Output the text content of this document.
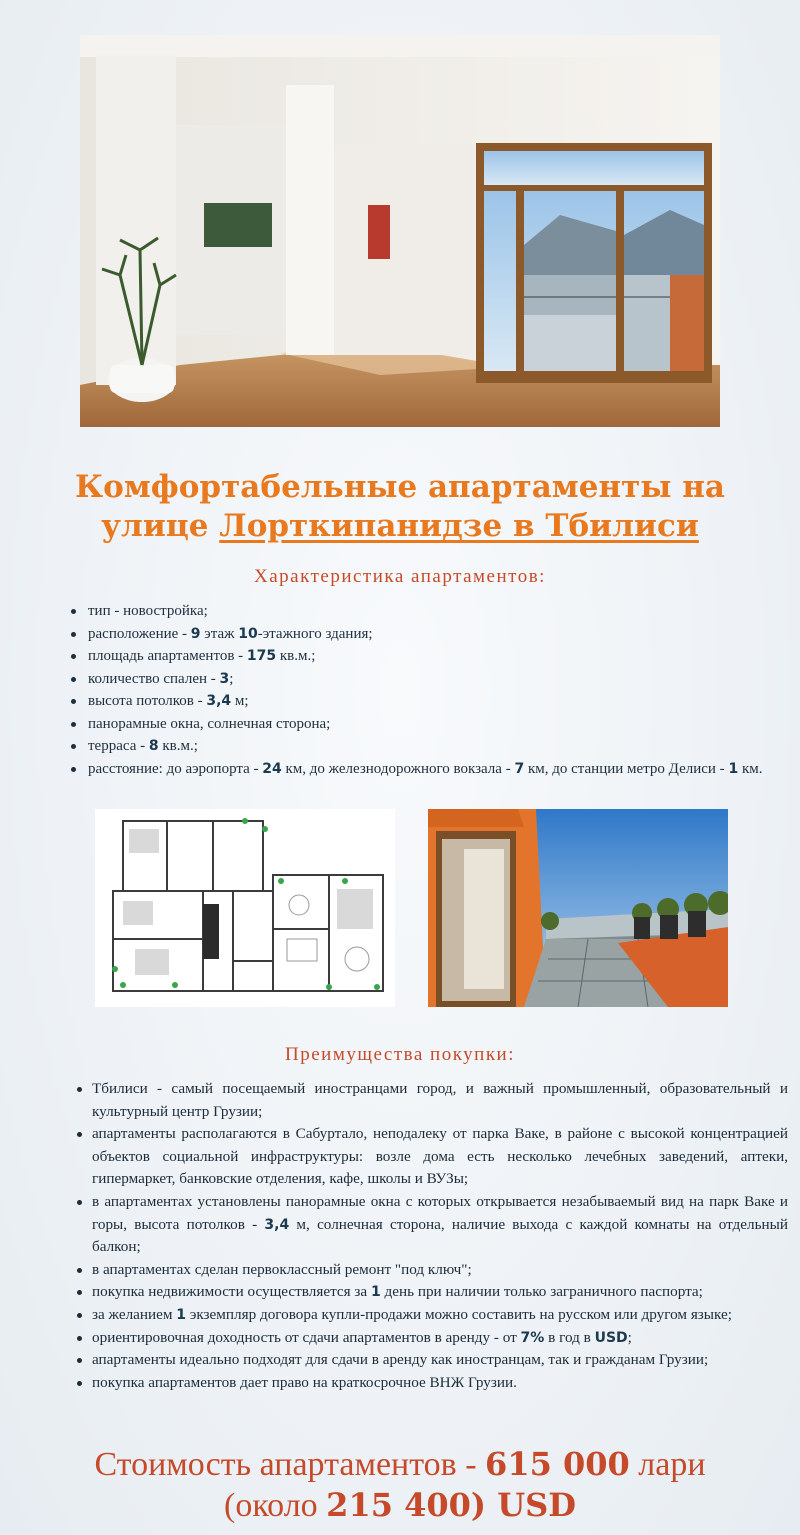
Комфортабельные апартаменты на
улице Лорткипанидзе в Тбилиси
Характеристика апартаментов:
тип - новостройка;
расположение - 9 этаж 10-этажного здания;
площадь апартаментов - 175 кв.м.;
количество спален - 3;
высота потолков - 3,4 м;
панорамные окна, солнечная сторона;
терраса - 8 кв.м.;
расстояние: до аэропорта - 24 км, до железнодорожного вокзала - 7 км, до станции метро Делиси - 1 км.
Преимущества покупки:
Тбилиси - самый посещаемый иностранцами город, и важный промышленный, образовательный и культурный центр Грузии;
апартаменты располагаются в Сабуртало, неподалеку от парка Ваке, в районе с высокой концентрацией объектов социальной инфраструктуры: возле дома есть несколько лечебных заведений, аптеки, гипермаркет, банковские отделения, кафе, школы и ВУЗы;
в апартаментах установлены панорамные окна с которых открывается незабываемый вид на парк Ваке и горы, высота потолков - 3,4 м, солнечная сторона, наличие выхода с каждой комнаты на отдельный балкон;
в апартаментах сделан первоклассный ремонт "под ключ";
покупка недвижимости осуществляется за 1 день при наличии только заграничного паспорта;
за желанием 1 экземпляр договора купли-продажи можно составить на русском или другом языке;
ориентировочная доходность от сдачи апартаментов в аренду - от 7% в год в USD;
апартаменты идеально подходят для сдачи в аренду как иностранцам, так и гражданам Грузии;
покупка апартаментов дает право на краткосрочное ВНЖ Грузии.

Стоимость апартаментов - 615 000 лари
(около 215 400) USD
